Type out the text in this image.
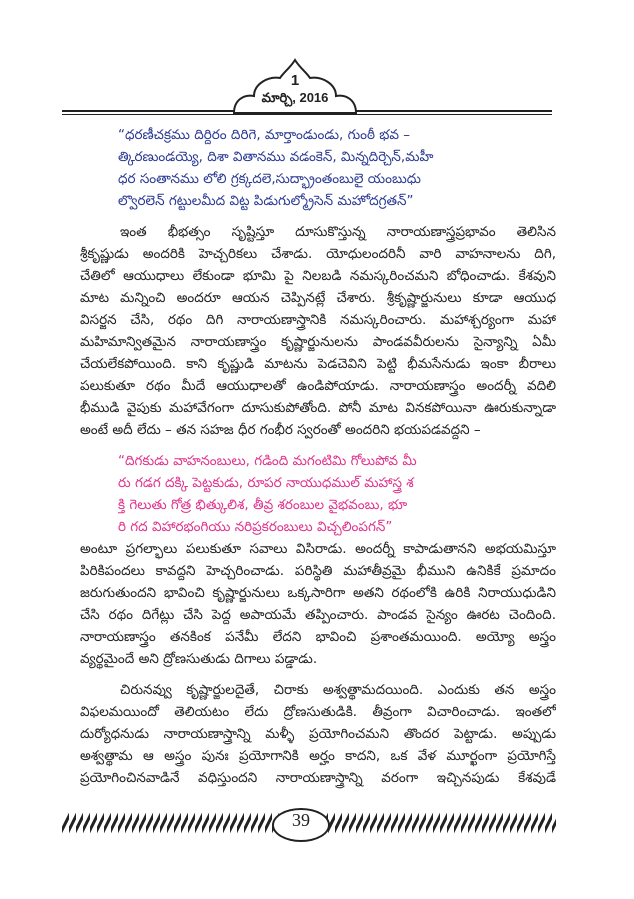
1
మార్చి, 2016
“ధరణీచక్రము దిర్దిరం దిరిగె, మార్తాండుండు, గుంఠీ భవ –
త్కిరణుండయ్యె, దిశా వితానము వడంకెన్, మిన్నదిర్చెన్,మహీ
ధర సంతానము లోలి గ్రక్కదలె,సుద్భ్రాంతంబులై యంబుధు
ల్వొరలెన్ గట్టులమీద విట్ట పిడుగుల్మ్రోసెన్ మహోదగ్రతన్”
ఇంత భీభత్సం సృష్టిస్తూ దూసుకొస్తున్న నారాయణాస్త్రప్రభావం తెలిసిన
శ్రీకృష్ణుడు అందరికి హెచ్చరికలు చేశాడు. యోధులందరినీ వారి వాహనాలను దిగి,
చేతిలో ఆయుధాలు లేకుండా భూమి పై నిలబడి నమస్కరించమని బోధించాడు. కేశవుని
మాట మన్నించి అందరూ ఆయన చెప్పినట్లే చేశారు. శ్రీకృష్ణార్జునులు కూడా ఆయుధ
విసర్జన చేసి, రథం దిగి నారాయణాస్త్రానికి నమస్కరించారు. మహాశ్చర్యంగా మహా
మహిమాన్వితమైన నారాయణాస్త్రం కృష్ణార్జునులను పాండవవీరులను సైన్యాన్ని ఏమీ
చేయలేకపోయింది. కాని కృష్ణుడి మాటను పెడచెవిని పెట్టి భీమసేనుడు ఇంకా బీరాలు
పలుకుతూ రథం మీదే ఆయుధాలతో ఉండిపోయాడు. నారాయణాస్త్రం అందర్నీ వదిలి
భీముడి వైపుకు మహావేగంగా దూసుకుపోతోంది. పోనీ మాట వినకపోయినా ఊరుకున్నాడా
అంటే అదీ లేదు – తన సహజ ధీర గంభీర స్వరంతో అందరిని భయపడవద్దని –
“దిగకుడు వాహనంబులు, గడింది మగంటిమి గోలుపోవ మీ
రు గడగ దక్కి పెట్టకుడు, రూపర నాయుధముల్ మహాస్త్ర శ
క్తి గెలుతు గోత్ర భిత్కులిశ, తీవ్ర శరంబుల వైభవంబు, భూ
రి గద విహారభంగియు నరిప్రకరంబులు విచ్చలింపగన్”
అంటూ ప్రగల్భాలు పలుకుతూ సవాలు విసిరాడు. అందర్నీ కాపాడుతానని అభయమిస్తూ
పిరికిపందలు కావద్దని హెచ్చరించాడు. పరిస్థితి మహాతీవ్రమై భీముని ఉనికికే ప్రమాదం
జరుగుతుందని భావించి కృష్ణార్జునులు ఒక్కసారిగా అతని రథంలోకి ఉరికి నిరాయుధుడిని
చేసి రథం దిగేట్లు చేసి పెద్ద అపాయమే తప్పించారు. పాండవ సైన్యం ఊరట చెందింది.
నారాయణాస్త్రం తనకింక పనేమీ లేదని భావించి ప్రశాంతమయింది. అయ్యో అస్త్రం
వ్యర్థమైందే అని ద్రోణసుతుడు దిగాలు పడ్డాడు.
చిరునవ్వు కృష్ణార్జులదైతే, చిరాకు అశ్వత్థామదయింది. ఎందుకు తన అస్త్రం
విఫలమయిందో తెలియటం లేదు ద్రోణసుతుడికి. తీవ్రంగా విచారించాడు. ఇంతలో
దుర్యోధనుడు నారాయణాస్త్రాన్ని మళ్ళీ ప్రయోగించమని తొందర పెట్టాడు. అప్పుడు
అశ్వత్థామ ఆ అస్త్రం పునః ప్రయోగానికి అర్హం కాదని, ఒక వేళ మూర్ఖంగా ప్రయోగిస్తే
ప్రయోగించినవాడినే వధిస్తుందని నారాయణాస్త్రాన్ని వరంగా ఇచ్చినపుడు కేశవుడే
39
